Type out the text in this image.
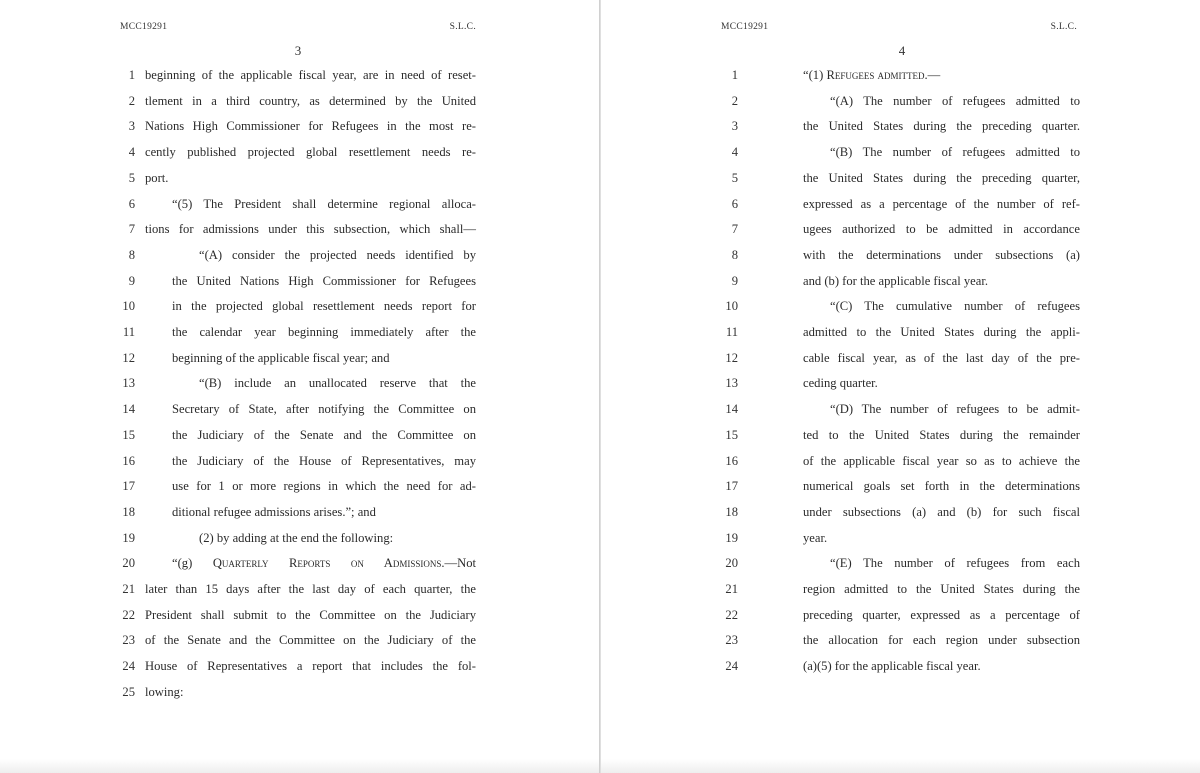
MCC19291	S.L.C.
3
1 beginning of the applicable fiscal year, are in need of reset-
2 tlement in a third country, as determined by the United
3 Nations High Commissioner for Refugees in the most re-
4 cently published projected global resettlement needs re-
5 port.
6	“(5) The President shall determine regional alloca-
7 tions for admissions under this subsection, which shall—
8	“(A) consider the projected needs identified by
9	the United Nations High Commissioner for Refugees
10	in the projected global resettlement needs report for
11	the calendar year beginning immediately after the
12	beginning of the applicable fiscal year; and
13	“(B) include an unallocated reserve that the
14	Secretary of State, after notifying the Committee on
15	the Judiciary of the Senate and the Committee on
16	the Judiciary of the House of Representatives, may
17	use for 1 or more regions in which the need for ad-
18	ditional refugee admissions arises.”; and
19	(2) by adding at the end the following:
20	“(g) Quarterly Reports on Admissions.—Not
21 later than 15 days after the last day of each quarter, the
22 President shall submit to the Committee on the Judiciary
23 of the Senate and the Committee on the Judiciary of the
24 House of Representatives a report that includes the fol-
25 lowing:
MCC19291	S.L.C.
4
1	“(1) Refugees admitted.—
2	“(A) The number of refugees admitted to
3	the United States during the preceding quarter.
4	“(B) The number of refugees admitted to
5	the United States during the preceding quarter,
6	expressed as a percentage of the number of ref-
7	ugees authorized to be admitted in accordance
8	with the determinations under subsections (a)
9	and (b) for the applicable fiscal year.
10	“(C) The cumulative number of refugees
11	admitted to the United States during the appli-
12	cable fiscal year, as of the last day of the pre-
13	ceding quarter.
14	“(D) The number of refugees to be admit-
15	ted to the United States during the remainder
16	of the applicable fiscal year so as to achieve the
17	numerical goals set forth in the determinations
18	under subsections (a) and (b) for such fiscal
19	year.
20	“(E) The number of refugees from each
21	region admitted to the United States during the
22	preceding quarter, expressed as a percentage of
23	the allocation for each region under subsection
24	(a)(5) for the applicable fiscal year.
